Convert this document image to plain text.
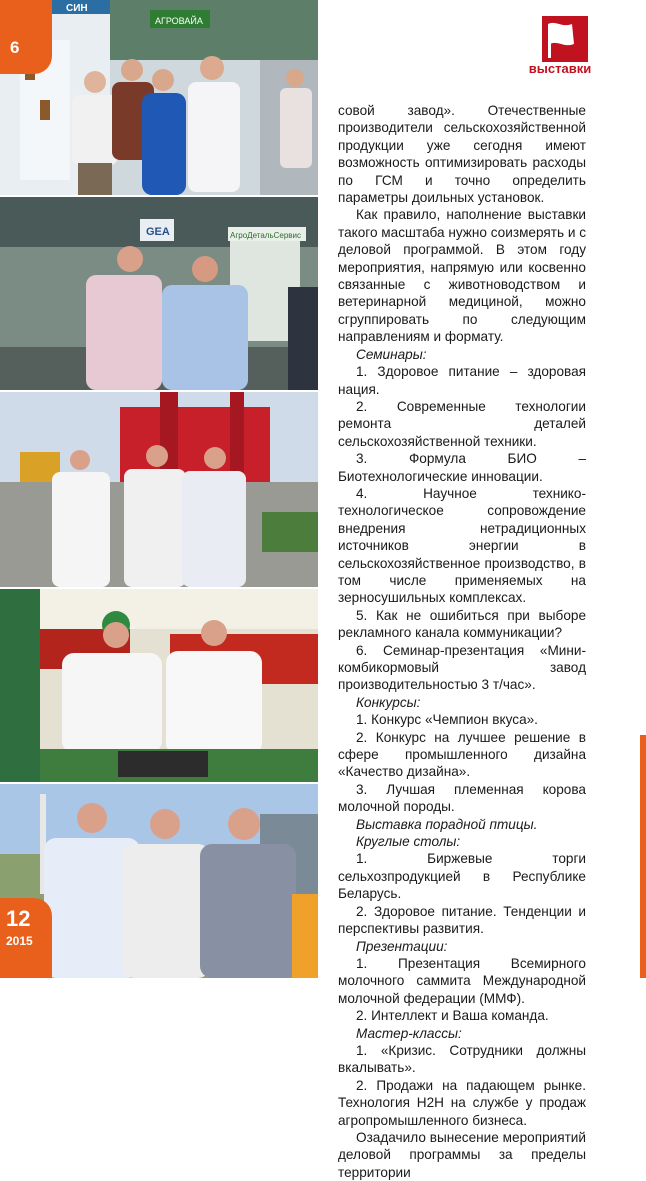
АГРОВАЙА
СИН
GEA	АгроДетальСервис
6
12
2015
выставки

совой завод». Отечественные производители сельскохозяйственной продукции уже сегодня имеют возможность оптимизировать расходы по ГСМ и точно определить параметры доильных установок.

Как правило, наполнение выставки такого масштаба нужно соизмерять и с деловой программой. В этом году мероприятия, напрямую или косвенно связанные с животноводством и ветеринарной медициной, можно сгруппировать по следующим направлениям и формату.

Семинары:

1. Здоровое питание – здоровая нация.

2. Современные технологии ремонта деталей сельскохозяйственной техники.

3. Формула БИО – Биотехнологические инновации.

4. Научное технико-технологическое сопровождение внедрения нетрадиционных источников энергии в сельскохозяйственное производство, в том числе применяемых на зерносушильных комплексах.

5. Как не ошибиться при выборе рекламного канала коммуникации?

6. Семинар-презентация «Мини-комбикормовый завод производительностью 3 т/час».

Конкурсы:

1. Конкурс «Чемпион вкуса».

2. Конкурс на лучшее решение в сфере промышленного дизайна «Качество дизайна».

3. Лучшая племенная корова молочной породы.

Выставка порадной птицы.

Круглые столы:

1. Биржевые торги сельхозпродукцией в Республике Беларусь.

2. Здоровое питание. Тенденции и перспективы развития.

Презентации:

1. Презентация Всемирного молочного саммита Международной молочной федерации (ММФ).

2. Интеллект и Ваша команда.

Мастер-классы:

1. «Кризис. Сотрудники должны вкалывать».

2. Продажи на падающем рынке. Технология H2H на службе у продаж агропромышленного бизнеса.

Озадачило вынесение мероприятий деловой программы за пределы территории
